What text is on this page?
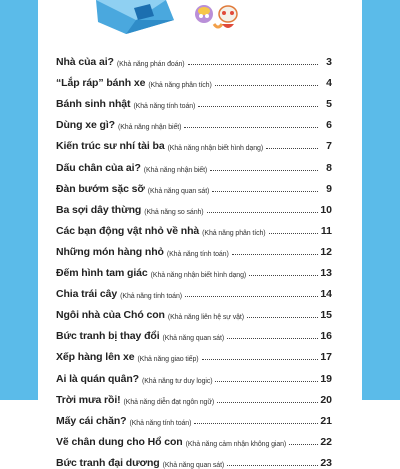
Nhà của ai? (Khả năng phán đoán)	3
“Lắp ráp” bánh xe (Khả năng phân tích)	4
Bánh sinh nhật (Khả năng tính toán)	5
Dùng xe gì? (Khả năng nhận biết)	6
Kiến trúc sư nhí tài ba (Khả năng nhận biết hình dạng)	7
Dấu chân của ai? (Khả năng nhận biết)	8
Đàn bướm sặc sỡ (Khả năng quan sát)	9
Ba sợi dây thừng (Khả năng so sánh)	10
Các bạn động vật nhỏ về nhà (Khả năng phân tích)	11
Những món hàng nhỏ (Khả năng tính toán)	12
Đếm hình tam giác (Khả năng nhận biết hình dạng)	13
Chia trái cây (Khả năng tính toán)	14
Ngôi nhà của Chó con (Khả năng liên hệ sự vật)	15
Bức tranh bị thay đổi (Khả năng quan sát)	16
Xếp hàng lên xe (Khả năng giao tiếp)	17
Ai là quán quân? (Khả năng tư duy logic)	19
Trời mưa rồi! (Khả năng diễn đạt ngôn ngữ)	20
Mấy cái chăn? (Khả năng tính toán)	21
Vẽ chân dung cho Hổ con (Khả năng cảm nhận không gian)	22
Bức tranh đại dương (Khả năng quan sát)	23
